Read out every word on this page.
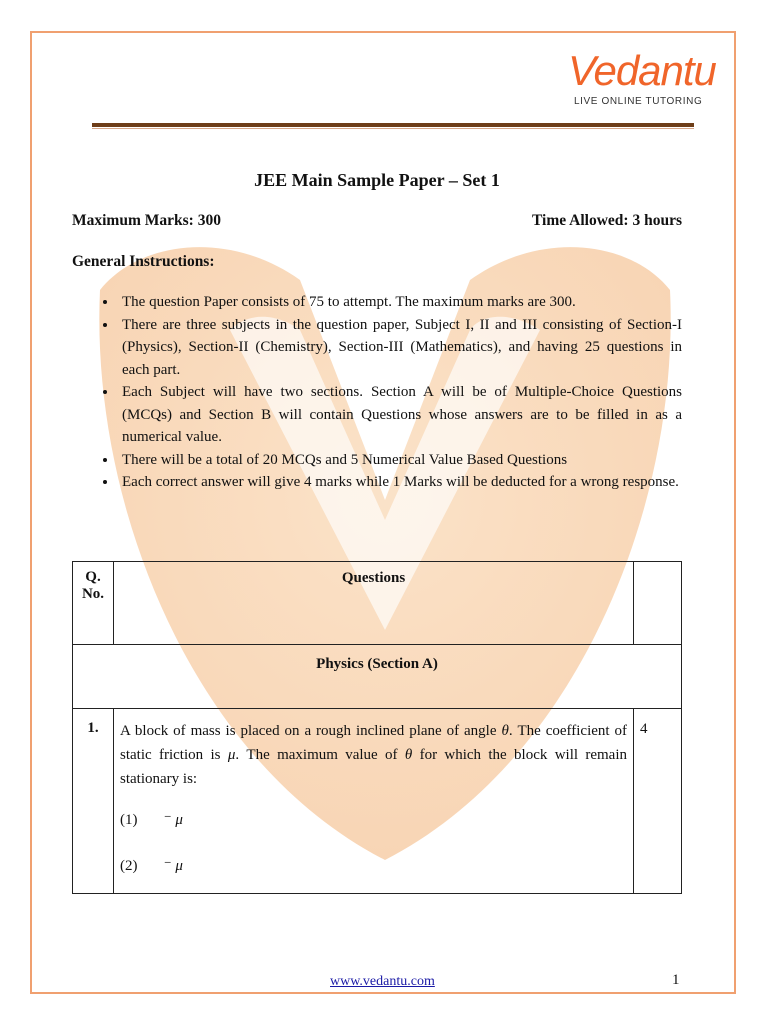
Vedantu
LIVE ONLINE TUTORING
JEE Main Sample Paper – Set 1
Maximum Marks: 300	Time Allowed: 3 hours
General Instructions:
• The question Paper consists of 75 to attempt. The maximum marks are 300.
• There are three subjects in the question paper, Subject I, II and III consisting of Section-I (Physics), Section-II (Chemistry), Section-III (Mathematics), and having 25 questions in each part.
• Each Subject will have two sections. Section A will be of Multiple-Choice Questions (MCQs) and Section B will contain Questions whose answers are to be filled in as a numerical value.
• There will be a total of 20 MCQs and 5 Numerical Value Based Questions
• Each correct answer will give 4 marks while 1 Marks will be deducted for a wrong response.
Q. No.	Questions	
Physics (Section A)		
1.	A block of mass is placed on a rough inclined plane of angle θ. The coefficient of static friction is μ. The maximum value of θ for which the block will remain stationary is:
(1) ⁻ μ
(2) ⁻ μ	4
www.vedantu.com	1
